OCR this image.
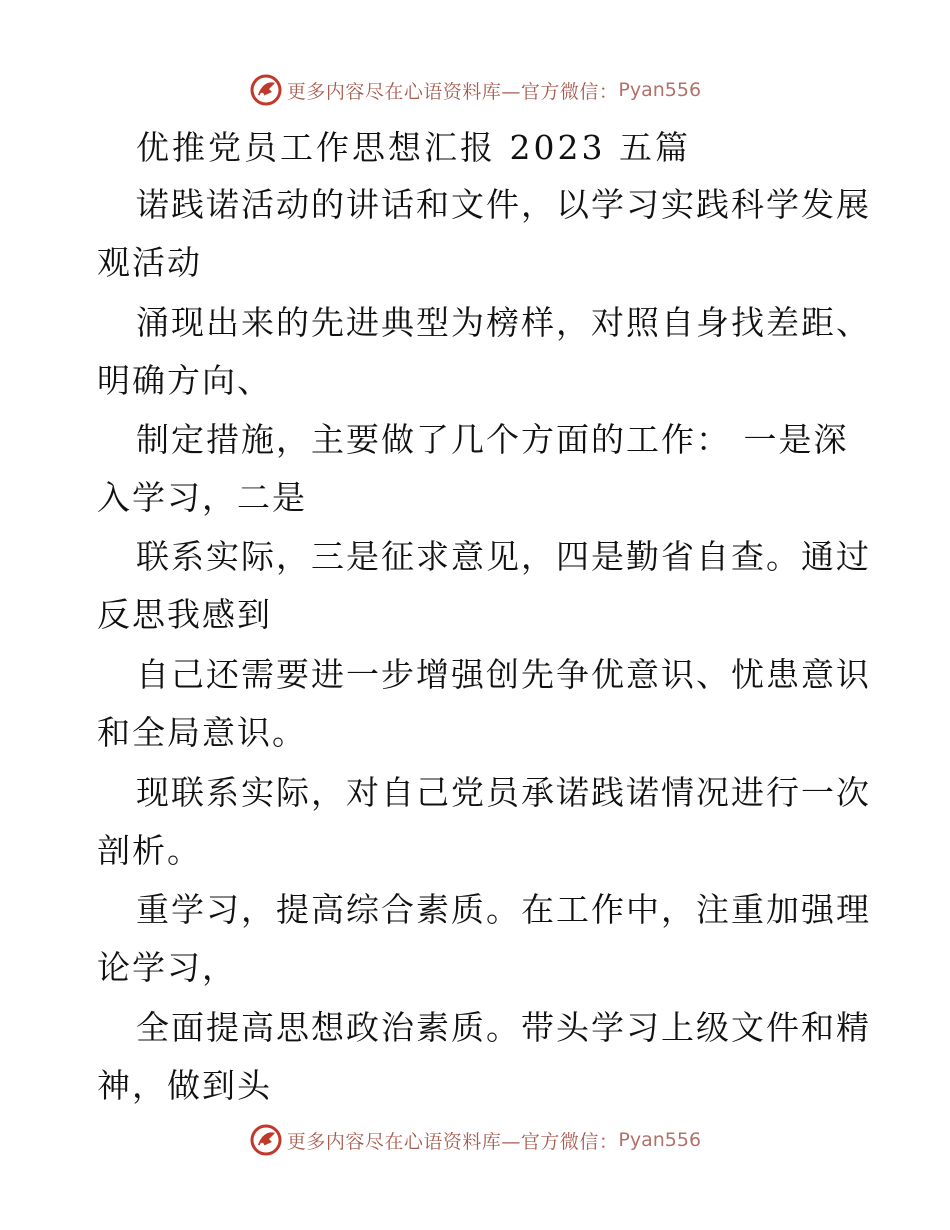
更多内容尽在心语资料库—官方微信： Pyan556
优推党员工作思想汇报 2023 五篇
诺践诺活动的讲话和文件，以学习实践科学发展
观活动
涌现出来的先进典型为榜样，对照自身找差距、
明确方向、
制定措施，主要做了几个方面的工作： 一是深
入学习，二是
联系实际，三是征求意见，四是勤省自查。通过
反思我感到
自己还需要进一步增强创先争优意识、忧患意识
和全局意识。
现联系实际，对自己党员承诺践诺情况进行一次
剖析。
重学习，提高综合素质。在工作中，注重加强理
论学习，
全面提高思想政治素质。带头学习上级文件和精
神，做到头
更多内容尽在心语资料库—官方微信： Pyan556
